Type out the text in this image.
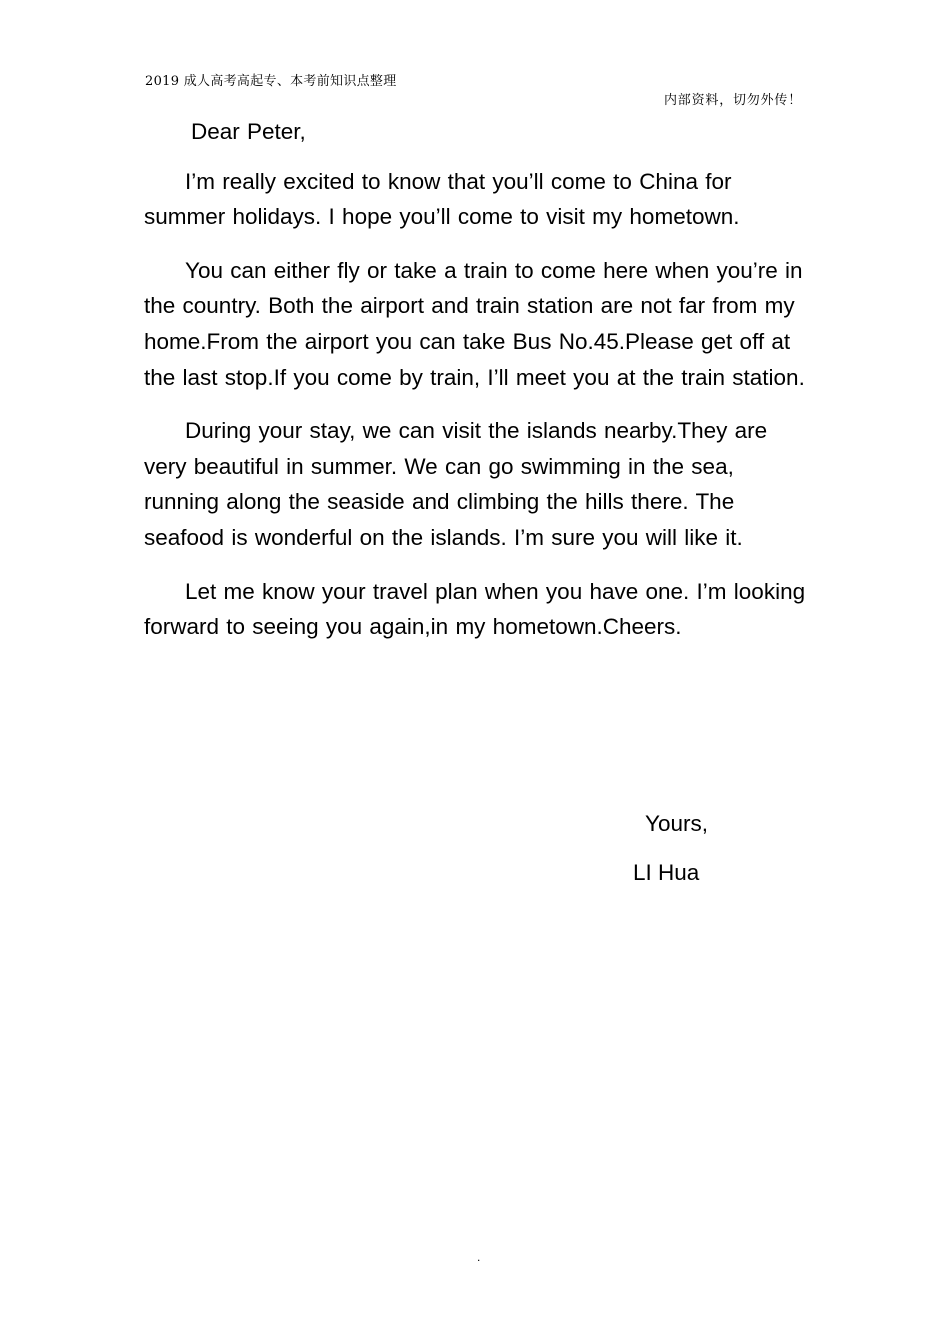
2019 成人高考高起专、本考前知识点整理
内部资料，切勿外传！

Dear Peter,

I’m really excited to know that you’ll come to China for summer holidays. I hope you’ll come to visit my hometown.

You can either fly or take a train to come here when you’re in the country. Both the airport and train station are not far from my home.From the airport you can take Bus No.45.Please get off at the last stop.If you come by train, I’ll meet you at the train station.

During your stay, we can visit the islands nearby.They are very beautiful in summer. We can go swimming in the sea, running along the seaside and climbing the hills there. The seafood is wonderful on the islands. I’m sure you will like it.

Let me know your travel plan when you have one. I’m looking forward to seeing you again,in my hometown.Cheers.

Yours,
LI Hua
.
